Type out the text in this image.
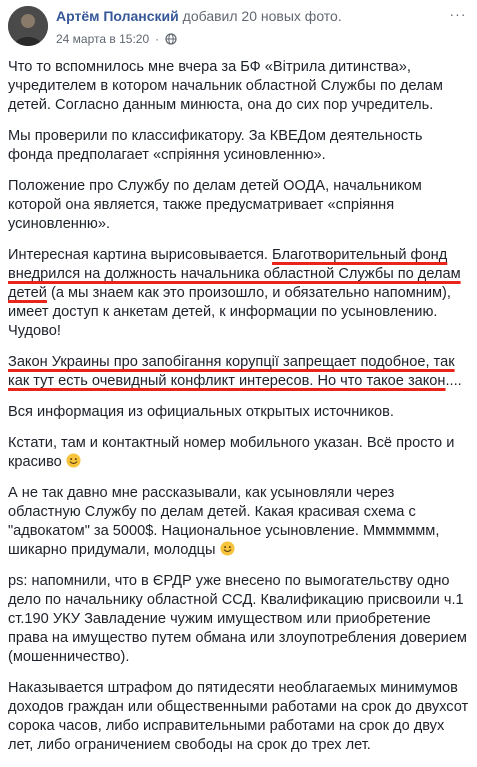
Артём Поланский добавил 20 новых фото.
24 марта в 15:20 ·
···

Что то вспомнилось мне вчера за БФ «Вітрила дитинства», учредителем в котором начальник областной Службы по делам детей. Согласно данным минюста, она до сих пор учредитель.

Мы проверили по классификатору. За КВЕДом деятельность фонда предполагает «спріяння усиновленню».

Положение про Службу по делам детей ООДА, начальником которой она является, также предусматривает «спріяння усиновленню».

Интересная картина вырисовывается. Благотворительный фонд внедрился на должность начальника областной Службы по делам детей (а мы знаем как это произошло, и обязательно напомним), имеет доступ к анкетам детей, к информации по усыновлению. Чудово!

Закон Украины про запобігання корупції запрещает подобное, так как тут есть очевидный конфликт интересов. Но что такое закон....

Вся информация из официальных открытых источников.

Кстати, там и контактный номер мобильного указан. Всё просто и красиво

А не так давно мне рассказывали, как усыновляли через областную Службу по делам детей. Какая красивая схема с "адвокатом" за 5000$. Национальное усыновление. Ммммммм, шикарно придумали, молодцы

ps: напомнили, что в ЄРДР уже внесено по вымогательству одно дело по начальнику областной ССД. Квалификацию присвоили ч.1 ст.190 УКУ Завладение чужим имуществом или приобретение права на имущество путем обмана или злоупотребления доверием (мошенничество).

Наказывается штрафом до пятидесяти необлагаемых минимумов доходов граждан или общественными работами на срок до двухсот сорока часов, либо исправительными работами на срок до двух лет, либо ограничением свободы на срок до трех лет.
